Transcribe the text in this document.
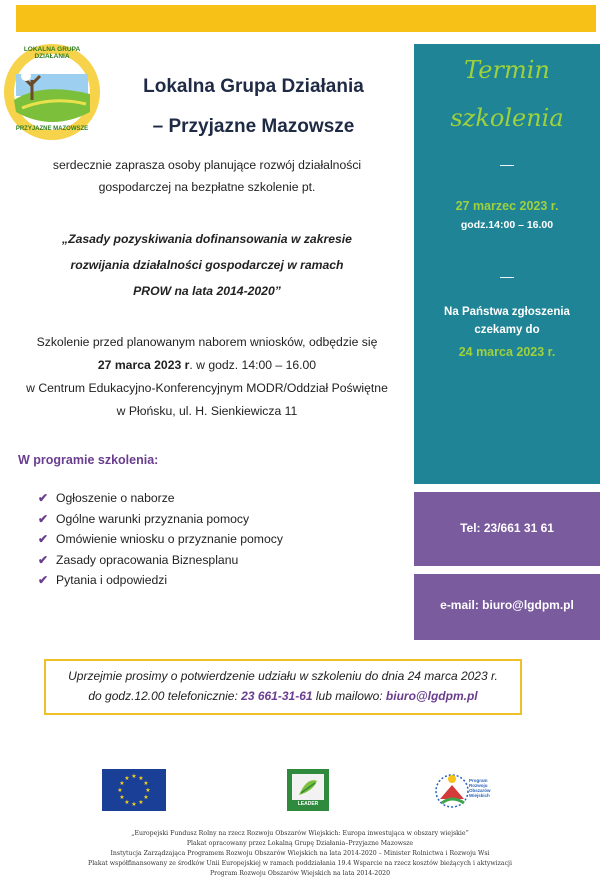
LOKALNA GRUPA DZIAŁANIA
PRZYJAZNE MAZOWSZE
Lokalna Grupa Działania
– Przyjazne Mazowsze
serdecznie zaprasza osoby planujące rozwój działalności
gospodarczej na bezpłatne szkolenie pt.
„Zasady pozyskiwania dofinansowania w zakresie
rozwijania działalności gospodarczej w ramach
PROW na lata 2014-2020”
Szkolenie przed planowanym naborem wniosków, odbędzie się
27 marca 2023 r. w godz. 14:00 – 16.00
w Centrum Edukacyjno-Konferencyjnym MODR/Oddział Poświętne
w Płońsku, ul. H. Sienkiewicza 11
W programie szkolenia:
✔ Ogłoszenie o naborze
✔ Ogólne warunki przyznania pomocy
✔ Omówienie wniosku o przyznanie pomocy
✔ Zasady opracowania Biznesplanu
✔ Pytania i odpowiedzi
Termin
szkolenia
—
27 marzec 2023 r.
godz.14:00 – 16.00
—
Na Państwa zgłoszenia
czekamy do
24 marca 2023 r.
Tel: 23/661 31 61
e-mail: biuro@lgdpm.pl
Uprzejmie prosimy o potwierdzenie udziału w szkoleniu do dnia 24 marca 2023 r.
do godz.12.00 telefonicznie: 23 661-31-61 lub mailowo: biuro@lgdpm.pl
★ ★
★
★
★
★
★
★
★
★
★
★
LEADER
Program Rozwoju Obszarów Wiejskich
„Europejski Fundusz Rolny na rzecz Rozwoju Obszarów Wiejskich: Europa inwestująca w obszary wiejskie”
Plakat opracowany przez Lokalną Grupę Działania–Przyjazne Mazowsze
Instytucja Zarządzająca Programem Rozwoju Obszarów Wiejskich na lata 2014-2020 – Minister Rolnictwa i Rozwoju Wsi
Plakat współfinansowany ze środków Unii Europejskiej w ramach poddziałania 19.4 Wsparcie na rzecz kosztów bieżących i aktywizacji
Program Rozwoju Obszarów Wiejskich na lata 2014-2020
